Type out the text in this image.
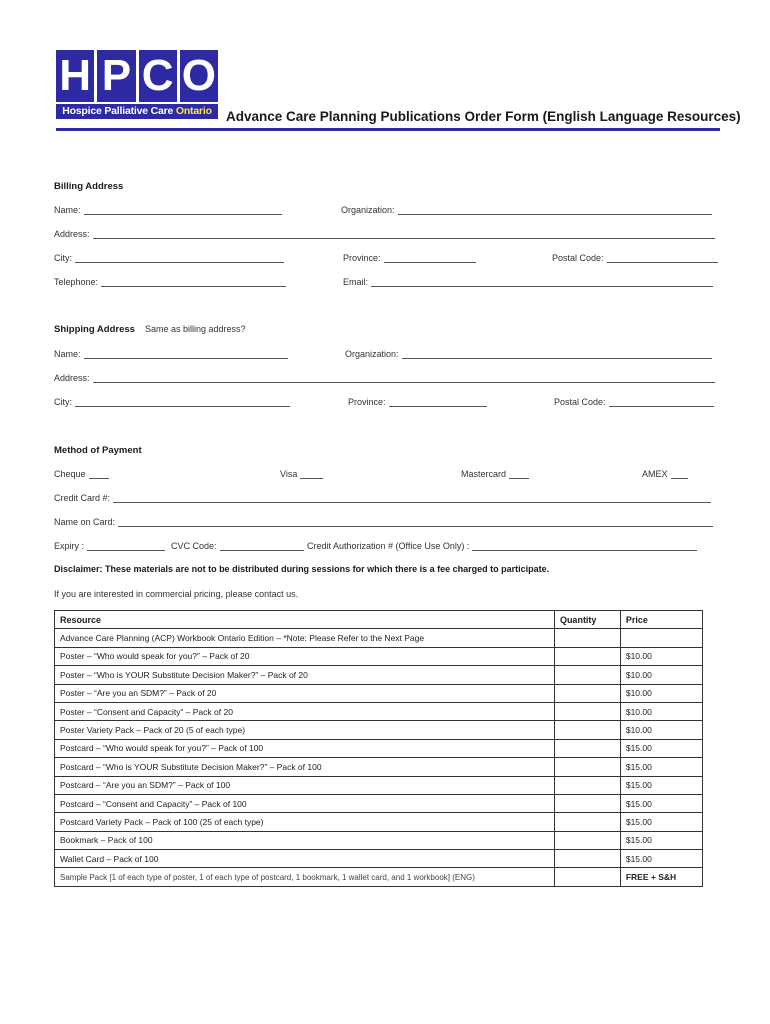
H P C O
Hospice Palliative Care Ontario	Advance Care Planning Publications Order Form (English Language Resources)
Billing Address
Name:	Organization:
Address:
City:	Province:	Postal Code:
Telephone:	Email:
Shipping Address Same as billing address?
Name:	Organization:
Address:
City:	Province:	Postal Code:
Method of Payment
Cheque	Visa	Mastercard	AMEX
Credit Card #:
Name on Card:
Expiry :	CVC Code:	Credit Authorization # (Office Use Only) :
Disclaimer: These materials are not to be distributed during sessions for which there is a fee charged to participate.
If you are interested in commercial pricing, please contact us.
Resource	Quantity	Price
Advance Care Planning (ACP) Workbook Ontario Edition – *Note: Please Refer to the Next Page		
Poster – “Who would speak for you?” – Pack of 20		$10.00
Poster – “Who is YOUR Substitute Decision Maker?” – Pack of 20		$10.00
Poster – “Are you an SDM?” – Pack of 20		$10.00
Poster – “Consent and Capacity” – Pack of 20		$10.00
Poster Variety Pack – Pack of 20 (5 of each type)		$10.00
Postcard – “Who would speak for you?” – Pack of 100		$15.00
Postcard – “Who is YOUR Substitute Decision Maker?” – Pack of 100		$15.00
Postcard – “Are you an SDM?” – Pack of 100		$15.00
Postcard – “Consent and Capacity” – Pack of 100		$15.00
Postcard Variety Pack – Pack of 100 (25 of each type)		$15.00
Bookmark – Pack of 100		$15.00
Wallet Card – Pack of 100		$15.00
Sample Pack [1 of each type of poster, 1 of each type of postcard, 1 bookmark, 1 wallet card, and 1 workbook] (ENG)		FREE + S&H
